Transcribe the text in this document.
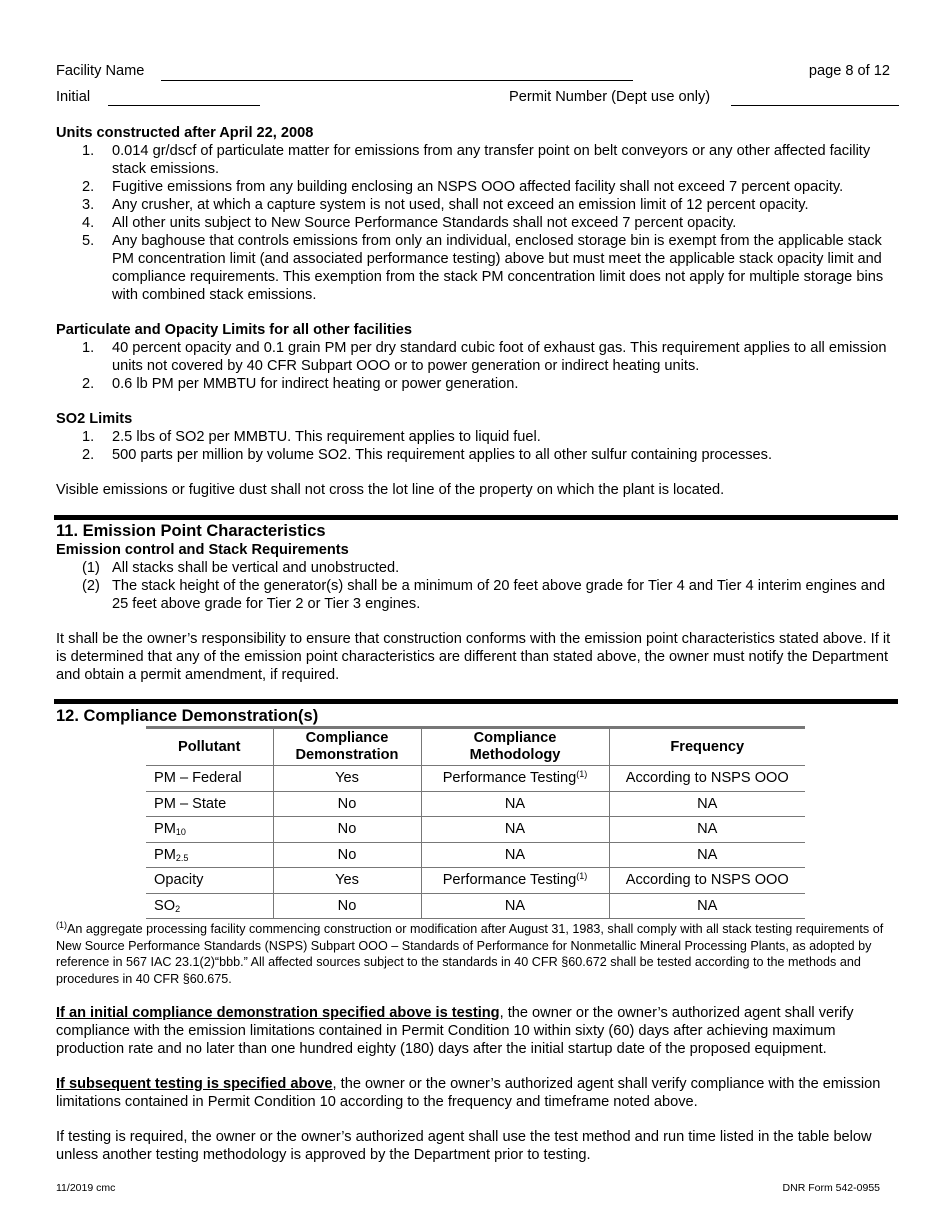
Facility Name	page 8 of 12
Initial	Permit Number (Dept use only)
Units constructed after April 22, 2008
1. 0.014 gr/dscf of particulate matter for emissions from any transfer point on belt conveyors or any other affected facility stack emissions.
2. Fugitive emissions from any building enclosing an NSPS OOO affected facility shall not exceed 7 percent opacity.
3. Any crusher, at which a capture system is not used, shall not exceed an emission limit of 12 percent opacity.
4. All other units subject to New Source Performance Standards shall not exceed 7 percent opacity.
5. Any baghouse that controls emissions from only an individual, enclosed storage bin is exempt from the applicable stack PM concentration limit (and associated performance testing) above but must meet the applicable stack opacity limit and compliance requirements. This exemption from the stack PM concentration limit does not apply for multiple storage bins with combined stack emissions.
Particulate and Opacity Limits for all other facilities
1. 40 percent opacity and 0.1 grain PM per dry standard cubic foot of exhaust gas. This requirement applies to all emission units not covered by 40 CFR Subpart OOO or to power generation or indirect heating units.
2. 0.6 lb PM per MMBTU for indirect heating or power generation.
SO2 Limits
1. 2.5 lbs of SO2 per MMBTU. This requirement applies to liquid fuel.
2. 500 parts per million by volume SO2. This requirement applies to all other sulfur containing processes.
Visible emissions or fugitive dust shall not cross the lot line of the property on which the plant is located.
11. Emission Point Characteristics
Emission control and Stack Requirements
(1) All stacks shall be vertical and unobstructed.
(2) The stack height of the generator(s) shall be a minimum of 20 feet above grade for Tier 4 and Tier 4 interim engines and 25 feet above grade for Tier 2 or Tier 3 engines.
It shall be the owner’s responsibility to ensure that construction conforms with the emission point characteristics stated above. If it is determined that any of the emission point characteristics are different than stated above, the owner must notify the Department and obtain a permit amendment, if required.
12. Compliance Demonstration(s)
Pollutant	Compliance Demonstration	Compliance Methodology	Frequency
PM – Federal	Yes	Performance Testing$^{(1)}$	According to NSPS OOO
PM – State	No	NA	NA
$PM_{10}$	No	NA	NA
$PM_{2.5}$	No	NA	NA
Opacity	Yes	Performance Testing$^{(1)}$	According to NSPS OOO
$SO_2$	No	NA	NA
$^{(1)}$An aggregate processing facility commencing construction or modification after August 31, 1983, shall comply with all stack testing requirements of New Source Performance Standards (NSPS) Subpart OOO – Standards of Performance for Nonmetallic Mineral Processing Plants, as adopted by reference in 567 IAC 23.1(2)“bbb.” All affected sources subject to the standards in 40 CFR §60.672 shall be tested according to the methods and procedures in 40 CFR §60.675.
If an initial compliance demonstration specified above is testing, the owner or the owner’s authorized agent shall verify compliance with the emission limitations contained in Permit Condition 10 within sixty (60) days after achieving maximum production rate and no later than one hundred eighty (180) days after the initial startup date of the proposed equipment.
If subsequent testing is specified above, the owner or the owner’s authorized agent shall verify compliance with the emission limitations contained in Permit Condition 10 according to the frequency and timeframe noted above.
If testing is required, the owner or the owner’s authorized agent shall use the test method and run time listed in the table below unless another testing methodology is approved by the Department prior to testing.
11/2019 cmc	DNR Form 542-0955
